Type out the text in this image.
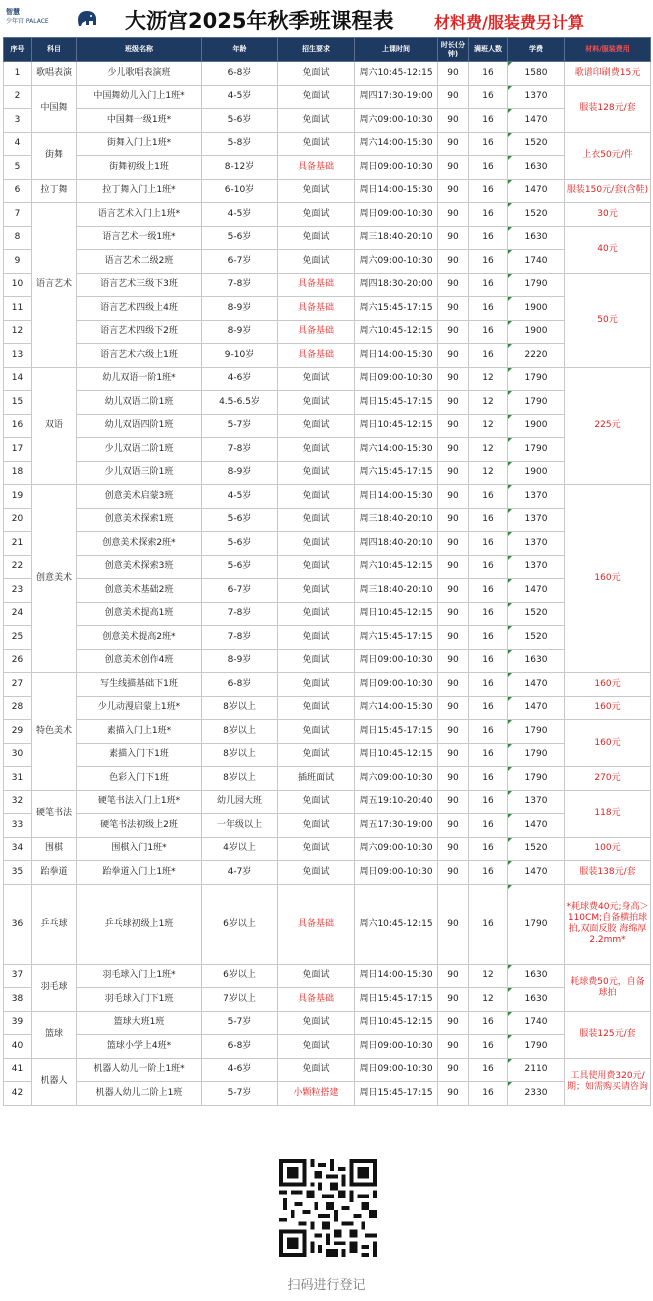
智慧
少年宫 PALACE	大沥宫2025年秋季班课程表	材料费/服装费另计算
序号	科目	班级名称	年龄	招生要求	上课时间	时长(分钟)	满班人数	学费	材料/服装费用
1	歌唱表演	少儿歌唱表演班	6-8岁	免面试	周六10:45-12:15	90	16	1580	歌谱印刷费15元
2	中国舞	中国舞幼儿入门上1班*	4-5岁	免面试	周四17:30-19:00	90	16	1370	服装128元/套
3		中国舞一级1班*	5-6岁	免面试	周六09:00-10:30	90	16	1470	
4	街舞	街舞入门上1班*	5-8岁	免面试	周六14:00-15:30	90	16	1520	上衣50元/件
5		街舞初级上1班	8-12岁	具备基础	周日09:00-10:30	90	16	1630	
6	拉丁舞	拉丁舞入门上1班*	6-10岁	免面试	周日14:00-15:30	90	16	1470	服装150元/套(含鞋)
7	语言艺术	语言艺术入门上1班*	4-5岁	免面试	周日09:00-10:30	90	16	1520	30元
8		语言艺术一级1班*	5-6岁	免面试	周三18:40-20:10	90	16	1630	40元
9		语言艺术二级2班	6-7岁	免面试	周六09:00-10:30	90	16	1740	
10		语言艺术三级下3班	7-8岁	具备基础	周四18:30-20:00	90	16	1790	50元
11		语言艺术四级上4班	8-9岁	具备基础	周六15:45-17:15	90	16	1900	
12		语言艺术四级下2班	8-9岁	具备基础	周六10:45-12:15	90	16	1900	
13		语言艺术六级上1班	9-10岁	具备基础	周日14:00-15:30	90	16	2220	
14	双语	幼儿双语一阶1班*	4-6岁	免面试	周日09:00-10:30	90	12	1790	225元
15		幼儿双语二阶1班	4.5-6.5岁	免面试	周日15:45-17:15	90	12	1790	
16		幼儿双语四阶1班	5-7岁	免面试	周日10:45-12:15	90	12	1900	
17		少儿双语二阶1班	7-8岁	免面试	周六14:00-15:30	90	12	1790	
18		少儿双语三阶1班	8-9岁	免面试	周六15:45-17:15	90	12	1900	
19	创意美术	创意美术启蒙3班	4-5岁	免面试	周日14:00-15:30	90	16	1370	160元
20		创意美术探索1班	5-6岁	免面试	周三18:40-20:10	90	16	1370	
21		创意美术探索2班*	5-6岁	免面试	周四18:40-20:10	90	16	1370	
22		创意美术探索3班	5-6岁	免面试	周六10:45-12:15	90	16	1370	
23		创意美术基础2班	6-7岁	免面试	周三18:40-20:10	90	16	1470	
24		创意美术提高1班	7-8岁	免面试	周日10:45-12:15	90	16	1520	
25		创意美术提高2班*	7-8岁	免面试	周六15:45-17:15	90	16	1520	
26		创意美术创作4班	8-9岁	免面试	周日09:00-10:30	90	16	1630	
27	特色美术	写生线描基础下1班	6-8岁	免面试	周日09:00-10:30	90	16	1470	160元
28		少儿动漫启蒙上1班*	8岁以上	免面试	周六14:00-15:30	90	16	1470	160元
29		素描入门上1班*	8岁以上	免面试	周日15:45-17:15	90	16	1790	160元
30		素描入门下1班	8岁以上	免面试	周日10:45-12:15	90	16	1790	
31		色彩入门下1班	8岁以上	插班面试	周六09:00-10:30	90	16	1790	270元
32	硬笔书法	硬笔书法入门上1班*	幼儿园大班	免面试	周五19:10-20:40	90	16	1370	118元
33		硬笔书法初级上2班	一年级以上	免面试	周五17:30-19:00	90	16	1470	
34	围棋	围棋入门1班*	4岁以上	免面试	周六09:00-10:30	90	16	1520	100元
35	跆拳道	跆拳道入门上1班*	4-7岁	免面试	周日09:00-10:30	90	16	1470	服装138元/套
36	乒乓球	乒乓球初级上1班	6岁以上	具备基础	周六10:45-12:15	90	16	1790	*耗球费40元;身高＞110CM;自备横拍球拍,双面反胶 海绵厚2.2mm*
37	羽毛球	羽毛球入门上1班*	6岁以上	免面试	周日14:00-15:30	90	12	1630	耗球费50元，自备球拍
38		羽毛球入门下1班	7岁以上	具备基础	周日15:45-17:15	90	12	1630	
39	篮球	篮球大班1班	5-7岁	免面试	周日10:45-12:15	90	16	1740	服装125元/套
40		篮球小学上4班*	6-8岁	免面试	周日09:00-10:30	90	16	1790	
41	机器人	机器人幼儿一阶上1班*	4-6岁	免面试	周日09:00-10:30	90	16	2110	工具使用费320元/期；如需购买请咨询
42		机器人幼儿二阶上1班	5-7岁	小颗粒搭建	周日15:45-17:15	90	16	2330	
扫码进行登记
